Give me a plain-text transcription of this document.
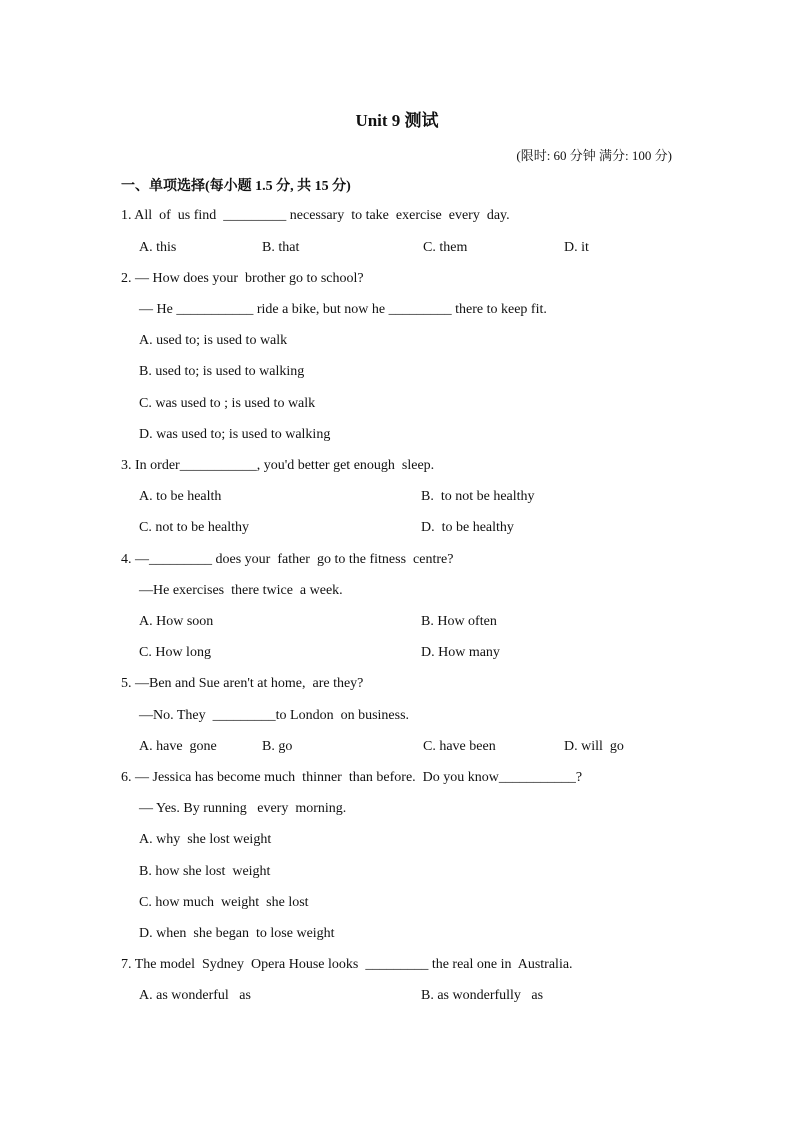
Unit 9 测试
(限时: 60 分钟 满分: 100 分)
一、单项选择(每小题 1.5 分, 共 15 分)
1. All  of  us find  _________ necessary  to take  exercise  every  day.
A. this	B. that	C. them	D. it
2. — How does your  brother go to school?
— He ___________ ride a bike, but now he _________ there to keep fit.
A. used to; is used to walk
B. used to; is used to walking
C. was used to ; is used to walk
D. was used to; is used to walking
3. In order___________, you'd better get enough  sleep.
A. to be health	B.  to not be healthy
C. not to be healthy	D.  to be healthy
4. —_________ does your  father  go to the fitness  centre?
—He exercises  there twice  a week.
A. How soon	B. How often
C. How long	D. How many
5. —Ben and Sue aren't at home,  are they?
—No. They  _________to London  on business.
A. have  gone	B. go	C. have been	D. will  go
6. — Jessica has become much  thinner  than before.  Do you know___________?
— Yes. By running   every  morning.
A. why  she lost weight
B. how she lost  weight
C. how much  weight  she lost
D. when  she began  to lose weight
7. The model  Sydney  Opera House looks  _________ the real one in  Australia.
A. as wonderful   as	B. as wonderfully   as
